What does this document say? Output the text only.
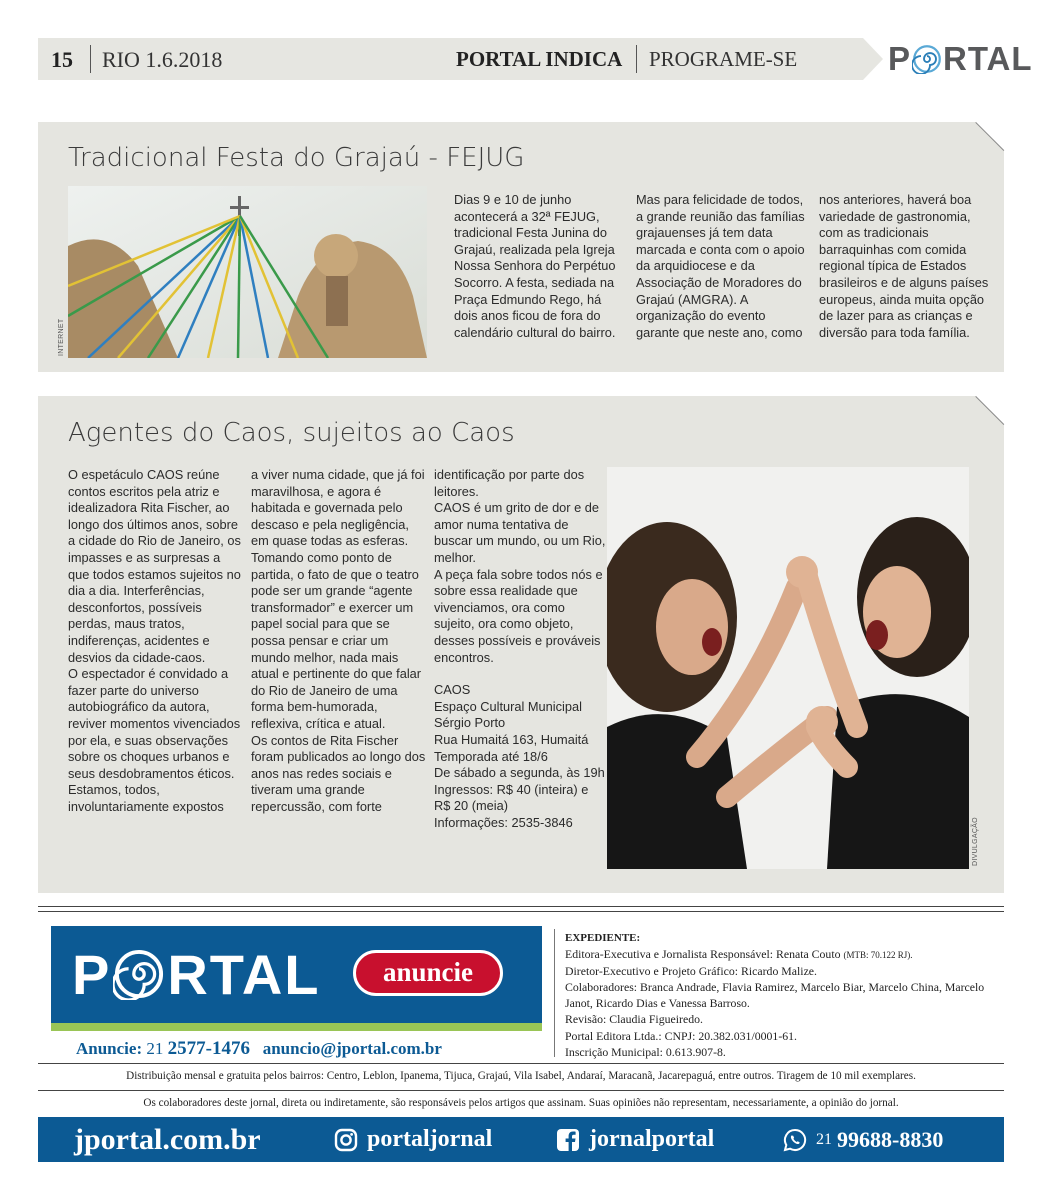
15 RIO 1.6.2018	PORTAL INDICA PROGRAME-SE	P RTAL
Tradicional Festa do Grajaú - FEJUG
INTERNET

Dias 9 e 10 de junho acontecerá a 32ª FEJUG, tradicional Festa Junina do Grajaú, realizada pela Igreja Nossa Senhora do Perpétuo Socorro. A festa, sediada na Praça Edmundo Rego, há dois anos ficou de fora do calendário cultural do bairro.

Mas para felicidade de todos, a grande reunião das famílias grajauenses já tem data marcada e conta com o apoio da arquidiocese e da Associação de Moradores do Grajaú (AMGRA). A organização do evento garante que neste ano, como

nos anteriores, haverá boa variedade de gastronomia, com as tradicionais barraquinhas com comida regional típica de Estados brasileiros e de alguns países europeus, ainda muita opção de lazer para as crianças e diversão para toda família.

Agentes do Caos, sujeitos ao Caos

O espetáculo CAOS reúne contos escritos pela atriz e idealizadora Rita Fischer, ao longo dos últimos anos, sobre a cidade do Rio de Janeiro, os impasses e as surpresas a que todos estamos sujeitos no dia a dia. Interferências, desconfortos, possíveis perdas, maus tratos, indiferenças, acidentes e desvios da cidade-caos.

O espectador é convidado a fazer parte do universo autobiográfico da autora, reviver momentos vivenciados por ela, e suas observações sobre os choques urbanos e seus desdobramentos éticos. Estamos, todos, involuntariamente expostos

a viver numa cidade, que já foi maravilhosa, e agora é habitada e governada pelo descaso e pela negligência, em quase todas as esferas.

Tomando como ponto de partida, o fato de que o teatro pode ser um grande “agente transformador” e exercer um papel social para que se possa pensar e criar um mundo melhor, nada mais atual e pertinente do que falar do Rio de Janeiro de uma forma bem-humorada, reflexiva, crítica e atual.

Os contos de Rita Fischer foram publicados ao longo dos anos nas redes sociais e tiveram uma grande repercussão, com forte

identificação por parte dos leitores.

CAOS é um grito de dor e de amor numa tentativa de buscar um mundo, ou um Rio, melhor.

A peça fala sobre todos nós e sobre essa realidade que vivenciamos, ora como sujeito, ora como objeto, desses possíveis e prováveis encontros.

CAOS

Espaço Cultural Municipal Sérgio Porto

Rua Humaitá 163, Humaitá

Temporada até 18/6

De sábado a segunda, às 19h

Ingressos: R$ 40 (inteira) e R$ 20 (meia)

Informações: 2535-3846	DIVULGAÇÃO
P RTAL	anuncie
Anuncie: 21 2577-1476 anuncio@jportal.com.br
EXPEDIENTE:
Editora-Executiva e Jornalista Responsável: Renata Couto (MTB: 70.122 RJ).
Diretor-Executivo e Projeto Gráfico: Ricardo Malize.
Colaboradores: Branca Andrade, Flavia Ramirez, Marcelo Biar, Marcelo China, Marcelo Janot, Ricardo Dias e Vanessa Barroso.
Revisão: Claudia Figueiredo.
Portal Editora Ltda.: CNPJ: 20.382.031/0001-61.
Inscrição Municipal: 0.613.907-8.
Distribuição mensal e gratuita pelos bairros: Centro, Leblon, Ipanema, Tijuca, Grajaú, Vila Isabel, Andaraí, Maracanã, Jacarepaguá, entre outros. Tiragem de 10 mil exemplares.
Os colaboradores deste jornal, direta ou indiretamente, são responsáveis pelos artigos que assinam. Suas opiniões não representam, necessariamente, a opinião do jornal.
jportal.com.br	portaljornal	jornalportal	21 99688-8830
